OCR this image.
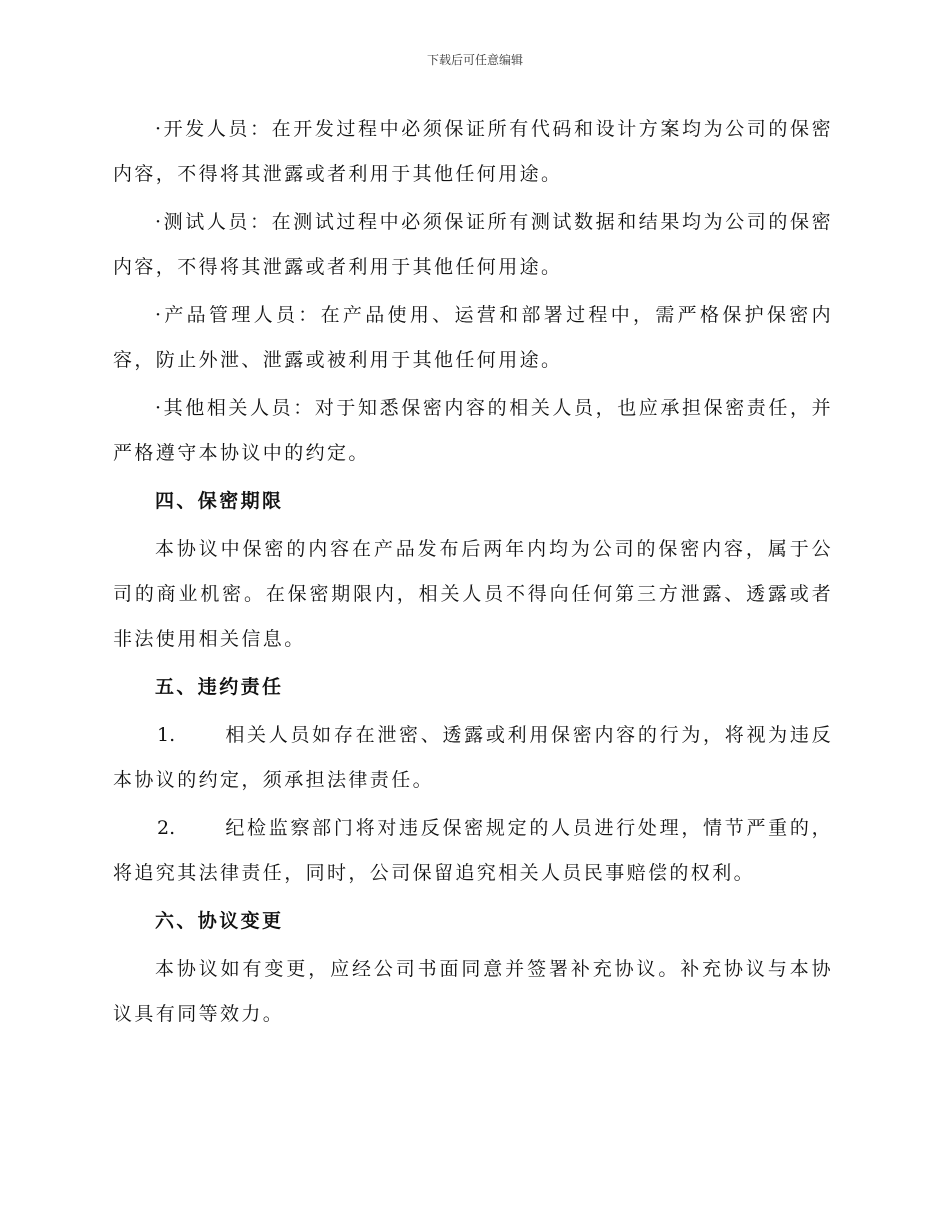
下载后可任意编辑

·开发人员：在开发过程中必须保证所有代码和设计方案均为公司的保密内容，不得将其泄露或者利用于其他任何用途。

·测试人员：在测试过程中必须保证所有测试数据和结果均为公司的保密内容，不得将其泄露或者利用于其他任何用途。

·产品管理人员：在产品使用、运营和部署过程中，需严格保护保密内容，防止外泄、泄露或被利用于其他任何用途。

·其他相关人员：对于知悉保密内容的相关人员，也应承担保密责任，并严格遵守本协议中的约定。

四、保密期限

本协议中保密的内容在产品发布后两年内均为公司的保密内容，属于公司的商业机密。在保密期限内，相关人员不得向任何第三方泄露、透露或者非法使用相关信息。

五、违约责任

1.	相关人员如存在泄密、透露或利用保密内容的行为，将视为违反本协议的约定，须承担法律责任。

2.	纪检监察部门将对违反保密规定的人员进行处理，情节严重的，将追究其法律责任，同时，公司保留追究相关人员民事赔偿的权利。

六、协议变更

本协议如有变更，应经公司书面同意并签署补充协议。补充协议与本协议具有同等效力。
